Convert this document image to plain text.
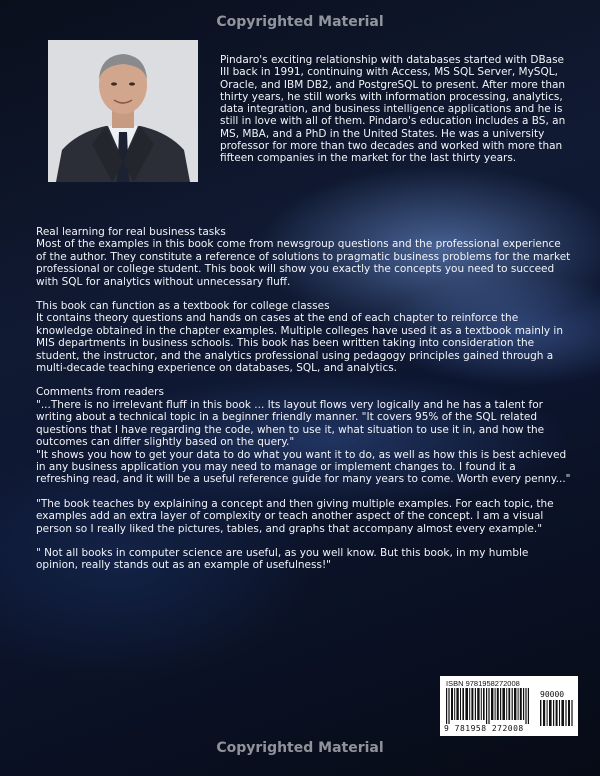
Copyrighted Material
Pindaro's exciting relationship with databases started with DBase III back in 1991, continuing with Access, MS SQL Server, MySQL, Oracle, and IBM DB2, and PostgreSQL to present. After more than thirty years, he still works with information processing, analytics, data integration, and business intelligence applications and he is still in love with all of them. Pindaro's education includes a BS, an MS, MBA, and a PhD in the United States. He was a university professor for more than two decades and worked with more than fifteen companies in the market for the last thirty years.

Real learning for real business tasks

Most of the examples in this book come from newsgroup questions and the professional experience of the author. They constitute a reference of solutions to pragmatic business problems for the market professional or college student. This book will show you exactly the concepts you need to succeed with SQL for analytics without unnecessary fluff.

This book can function as a textbook for college classes

It contains theory questions and hands on cases at the end of each chapter to reinforce the knowledge obtained in the chapter examples. Multiple colleges have used it as a textbook mainly in MIS departments in business schools. This book has been written taking into consideration the student, the instructor, and the analytics professional using pedagogy principles gained through a multi-decade teaching experience on databases, SQL, and analytics.

Comments from readers

"...There is no irrelevant fluff in this book ... Its layout flows very logically and he has a talent for writing about a technical topic in a beginner friendly manner. "It covers 95% of the SQL related questions that I have regarding the code, when to use it, what situation to use it in, and how the outcomes can differ slightly based on the query."

"It shows you how to get your data to do what you want it to do, as well as how this is best achieved in any business application you may need to manage or implement changes to. I found it a refreshing read, and it will be a useful reference guide for many years to come. Worth every penny..."

"The book teaches by explaining a concept and then giving multiple examples. For each topic, the examples add an extra layer of complexity or teach another aspect of the concept. I am a visual person so I really liked the pictures, tables, and graphs that accompany almost every example."

" Not all books in computer science are useful, as you well know. But this book, in my humble opinion, really stands out as an example of usefulness!"

ISBN 9781958272008
90000
9 781958 272008
Copyrighted Material
